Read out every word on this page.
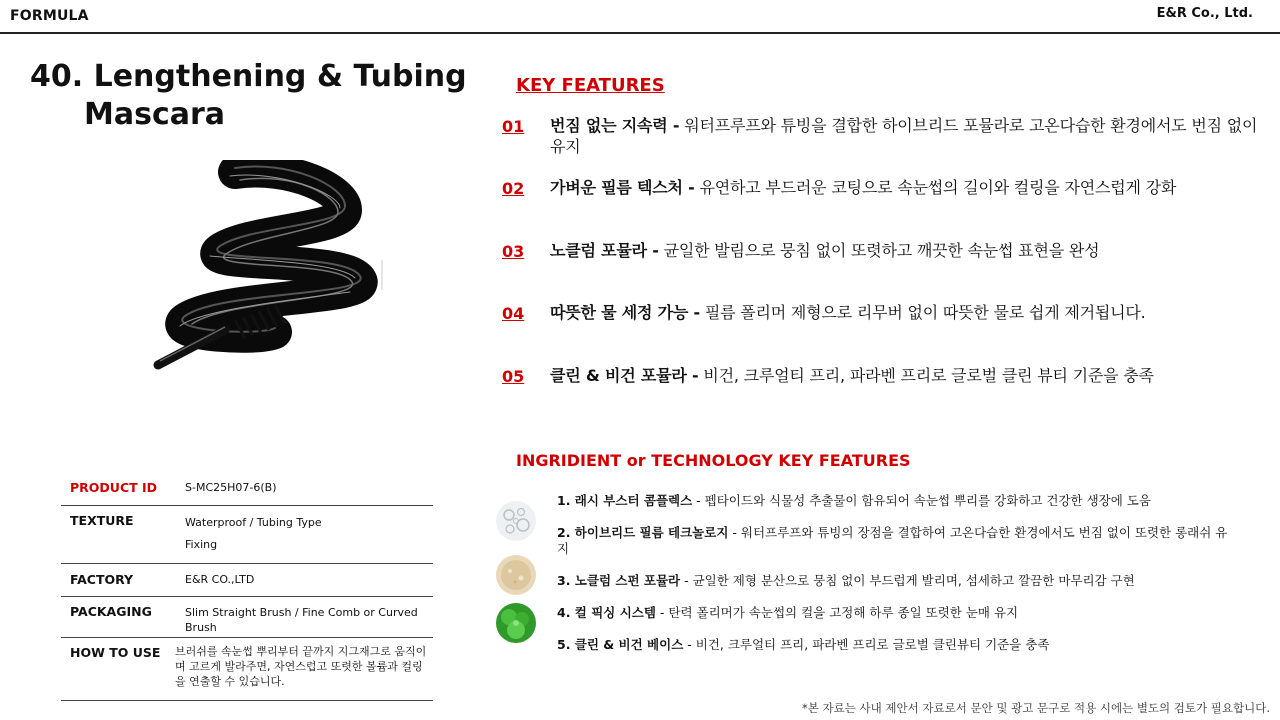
FORMULA	E&R Co., Ltd.
40. Lengthening & Tubing
Mascara
KEY FEATURES
01 번짐 없는 지속력 - 워터프루프와 튜빙을 결합한 하이브리드 포뮬라로 고온다습한 환경에서도 번짐 없이 유지
02 가벼운 필름 텍스처 - 유연하고 부드러운 코팅으로 속눈썹의 길이와 컬링을 자연스럽게 강화
03 노클럼 포뮬라 - 균일한 발림으로 뭉침 없이 또렷하고 깨끗한 속눈썹 표현을 완성
04 따뜻한 물 세정 가능 - 필름 폴리머 제형으로 리무버 없이 따뜻한 물로 쉽게 제거됩니다.
05 클린 & 비건 포뮬라 - 비건, 크루얼티 프리, 파라벤 프리로 글로벌 클린 뷰티 기준을 충족
INGRIDIENT or TECHNOLOGY KEY FEATURES
1. 래시 부스터 콤플렉스 - 펩타이드와 식물성 추출물이 함유되어 속눈썹 뿌리를 강화하고 건강한 생장에 도움
2. 하이브리드 필름 테크놀로지 - 워터프루프와 튜빙의 장점을 결합하여 고온다습한 환경에서도 번짐 없이 또렷한 롱래쉬 유지
3. 노클럼 스펀 포뮬라 - 균일한 제형 분산으로 뭉침 없이 부드럽게 발리며, 섬세하고 깔끔한 마무리감 구현
4. 컬 픽싱 시스템 - 탄력 폴리머가 속눈썹의 컬을 고정해 하루 종일 또렷한 눈매 유지
5. 클린 & 비건 베이스 - 비건, 크루얼티 프리, 파라벤 프리로 글로벌 클린뷰티 기준을 충족
PRODUCT ID	S-MC25H07-6(B)
TEXTURE	Waterproof / Tubing Type
Fixing
FACTORY	E&R CO.,LTD
PACKAGING	Slim Straight Brush / Fine Comb or Curved Brush
HOW TO USE 브러쉬를 속눈썹 뿌리부터 끝까지 지그재그로 움직이며 고르게 발라주면, 자연스럽고 또렷한 볼륨과 컬링을 연출할 수 있습니다.
*본 자료는 사내 제안서 자료로서 문안 및 광고 문구로 적용 시에는 별도의 검토가 필요합니다.
